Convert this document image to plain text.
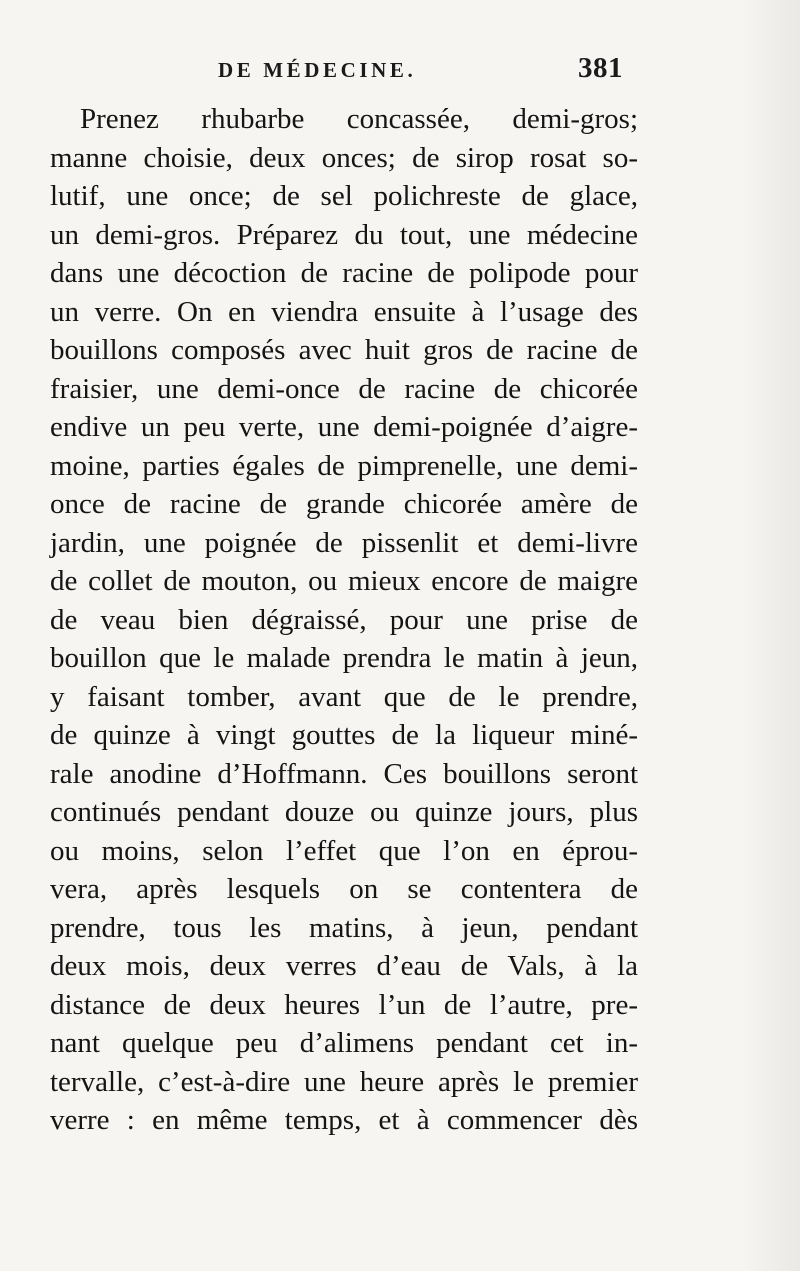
DE MÉDECINE.	381
Prenez rhubarbe concassée, demi-gros;
manne choisie, deux onces; de sirop rosat so-
lutif, une once; de sel polichreste de glace,
un demi-gros. Préparez du tout, une médecine
dans une décoction de racine de polipode pour
un verre. On en viendra ensuite à l’usage des
bouillons composés avec huit gros de racine de
fraisier, une demi-once de racine de chicorée
endive un peu verte, une demi-poignée d’aigre-
moine, parties égales de pimprenelle, une demi-
once de racine de grande chicorée amère de
jardin, une poignée de pissenlit et demi-livre
de collet de mouton, ou mieux encore de maigre
de veau bien dégraissé, pour une prise de
bouillon que le malade prendra le matin à jeun,
y faisant tomber, avant que de le prendre,
de quinze à vingt gouttes de la liqueur miné-
rale anodine d’Hoffmann. Ces bouillons seront
continués pendant douze ou quinze jours, plus
ou moins, selon l’effet que l’on en éprou-
vera, après lesquels on se contentera de
prendre, tous les matins, à jeun, pendant
deux mois, deux verres d’eau de Vals, à la
distance de deux heures l’un de l’autre, pre-
nant quelque peu d’alimens pendant cet in-
tervalle, c’est-à-dire une heure après le premier
verre : en même temps, et à commencer dès
